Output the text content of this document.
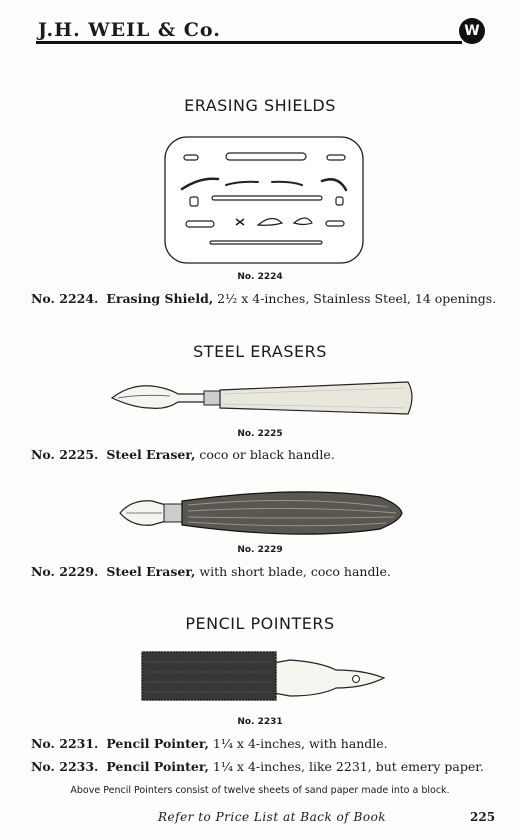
J.H. WEIL & Co.	W
ERASING SHIELDS
No. 2224
No. 2224. Erasing Shield, 2½ x 4-inches, Stainless Steel, 14 openings.
STEEL ERASERS
No. 2225
No. 2225. Steel Eraser, coco or black handle.
No. 2229
No. 2229. Steel Eraser, with short blade, coco handle.
PENCIL POINTERS
No. 2231
No. 2231. Pencil Pointer, 1¼ x 4-inches, with handle.
No. 2233. Pencil Pointer, 1¼ x 4-inches, like 2231, but emery paper.
Above Pencil Pointers consist of twelve sheets of sand paper made into a block.
Refer to Price List at Back of Book	225
